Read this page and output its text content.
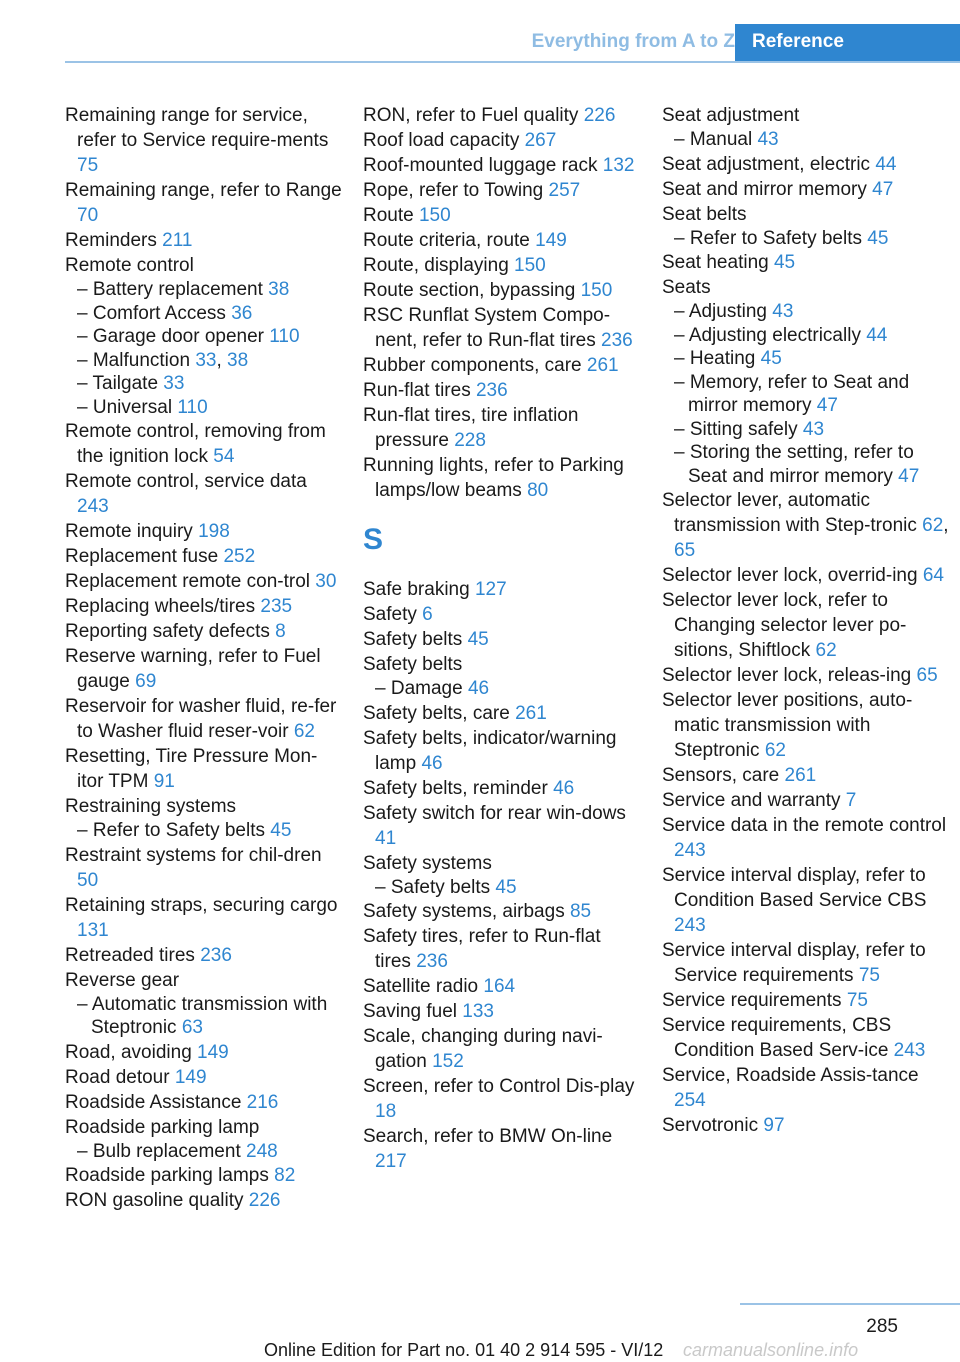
Everything from A to Z Reference
Remaining range for service, refer to Service require-ments 75
Remaining range, refer to Range 70
Reminders 211
Remote control
– Battery replacement 38
– Comfort Access 36
– Garage door opener 110
– Malfunction 33, 38
– Tailgate 33
– Universal 110
Remote control, removing from the ignition lock 54
Remote control, service data 243
Remote inquiry 198
Replacement fuse 252
Replacement remote con-trol 30
Replacing wheels/tires 235
Reporting safety defects 8
Reserve warning, refer to Fuel gauge 69
Reservoir for washer fluid, re-fer to Washer fluid reser-voir 62
Resetting, Tire Pressure Mon-itor TPM 91
Restraining systems
– Refer to Safety belts 45
Restraint systems for chil-dren 50
Retaining straps, securing cargo 131
Retreaded tires 236
Reverse gear
– Automatic transmission with Steptronic 63
Road, avoiding 149
Road detour 149
Roadside Assistance 216
Roadside parking lamp
– Bulb replacement 248
Roadside parking lamps 82
RON gasoline quality 226
RON, refer to Fuel quality 226
Roof load capacity 267
Roof-mounted luggage rack 132
Rope, refer to Towing 257
Route 150
Route criteria, route 149
Route, displaying 150
Route section, bypassing 150
RSC Runflat System Compo-nent, refer to Run-flat tires 236
Rubber components, care 261
Run-flat tires 236
Run-flat tires, tire inflation pressure 228
Running lights, refer to Parking lamps/low beams 80
S
Safe braking 127
Safety 6
Safety belts 45
Safety belts
– Damage 46
Safety belts, care 261
Safety belts, indicator/warning lamp 46
Safety belts, reminder 46
Safety switch for rear win-dows 41
Safety systems
– Safety belts 45
Safety systems, airbags 85
Safety tires, refer to Run-flat tires 236
Satellite radio 164
Saving fuel 133
Scale, changing during navi-gation 152
Screen, refer to Control Dis-play 18
Search, refer to BMW On-line 217
Seat adjustment
– Manual 43
Seat adjustment, electric 44
Seat and mirror memory 47
Seat belts
– Refer to Safety belts 45
Seat heating 45
Seats
– Adjusting 43
– Adjusting electrically 44
– Heating 45
– Memory, refer to Seat and mirror memory 47
– Sitting safely 43
– Storing the setting, refer to Seat and mirror memory 47
Selector lever, automatic transmission with Step-tronic 62, 65
Selector lever lock, overrid-ing 64
Selector lever lock, refer to Changing selector lever po-sitions, Shiftlock 62
Selector lever lock, releas-ing 65
Selector lever positions, auto-matic transmission with Steptronic 62
Sensors, care 261
Service and warranty 7
Service data in the remote control 243
Service interval display, refer to Condition Based Service CBS 243
Service interval display, refer to Service requirements 75
Service requirements 75
Service requirements, CBS Condition Based Serv-ice 243
Service, Roadside Assis-tance 254
Servotronic 97
285
Online Edition for Part no. 01 40 2 914 595 - VI/12 carmanualsonline.info
